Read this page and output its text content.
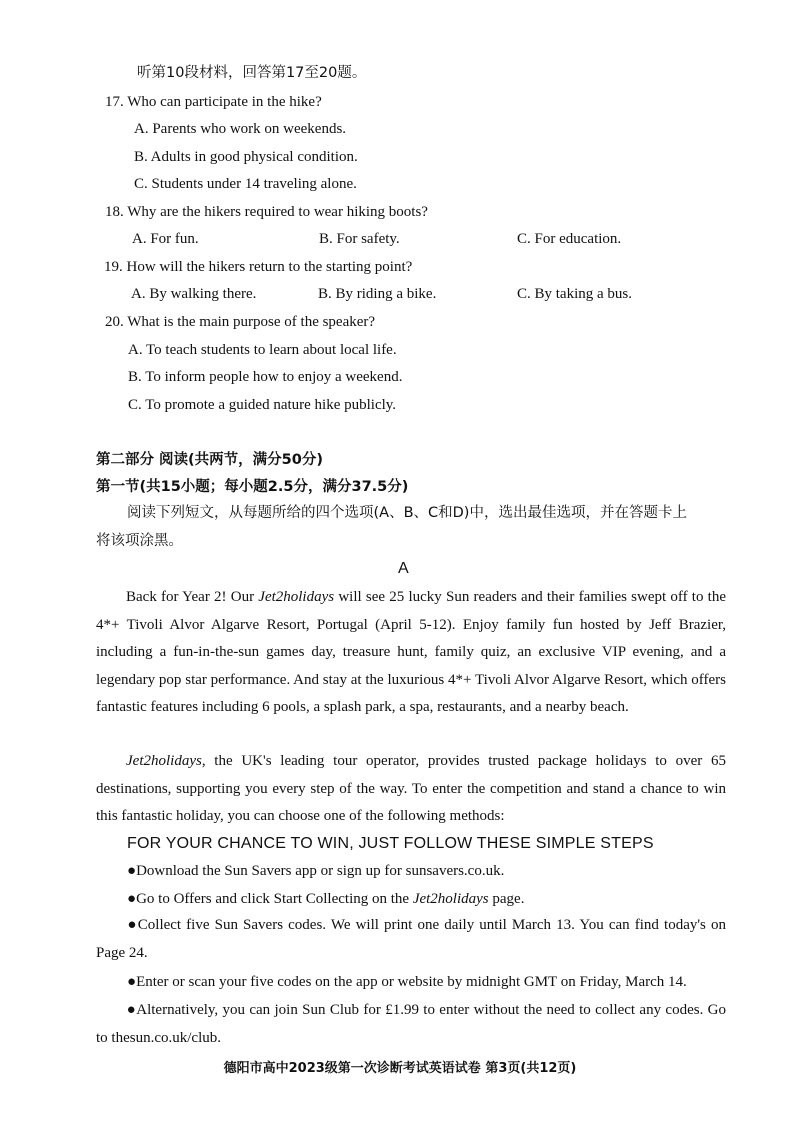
听第10段材料，回答第17至20题。
17. Who can participate in the hike?
A. Parents who work on weekends.
B. Adults in good physical condition.
C. Students under 14 traveling alone.
18. Why are the hikers required to wear hiking boots?
A. For fun.	B. For safety.	C. For education.
19. How will the hikers return to the starting point?
A. By walking there.	B. By riding a bike.	C. By taking a bus.
20. What is the main purpose of the speaker?
A. To teach students to learn about local life.
B. To inform people how to enjoy a weekend.
C. To promote a guided nature hike publicly.
第二部分 阅读(共两节，满分50分)
第一节(共15小题；每小题2.5分，满分37.5分)
阅读下列短文，从每题所给的四个选项(A、B、C和D)中，选出最佳选项，并在答题卡上
将该项涂黑。
A
Back for Year 2! Our Jet2holidays will see 25 lucky Sun readers and their families swept off to the 4*+ Tivoli Alvor Algarve Resort, Portugal (April 5-12). Enjoy family fun hosted by Jeff Brazier, including a fun-in-the-sun games day, treasure hunt, family quiz, an exclusive VIP evening, and a legendary pop star performance. And stay at the luxurious 4*+ Tivoli Alvor Algarve Resort, which offers fantastic features including 6 pools, a splash park, a spa, restaurants, and a nearby beach.
Jet2holidays, the UK's leading tour operator, provides trusted package holidays to over 65 destinations, supporting you every step of the way. To enter the competition and stand a chance to win this fantastic holiday, you can choose one of the following methods:
FOR YOUR CHANCE TO WIN, JUST FOLLOW THESE SIMPLE STEPS
●Download the Sun Savers app or sign up for sunsavers.co.uk.
●Go to Offers and click Start Collecting on the Jet2holidays page.
●Collect five Sun Savers codes. We will print one daily until March 13. You can find today's on Page 24.
●Enter or scan your five codes on the app or website by midnight GMT on Friday, March 14.
●Alternatively, you can join Sun Club for £1.99 to enter without the need to collect any codes. Go to thesun.co.uk/club.
德阳市高中2023级第一次诊断考试英语试卷 第3页(共12页)
